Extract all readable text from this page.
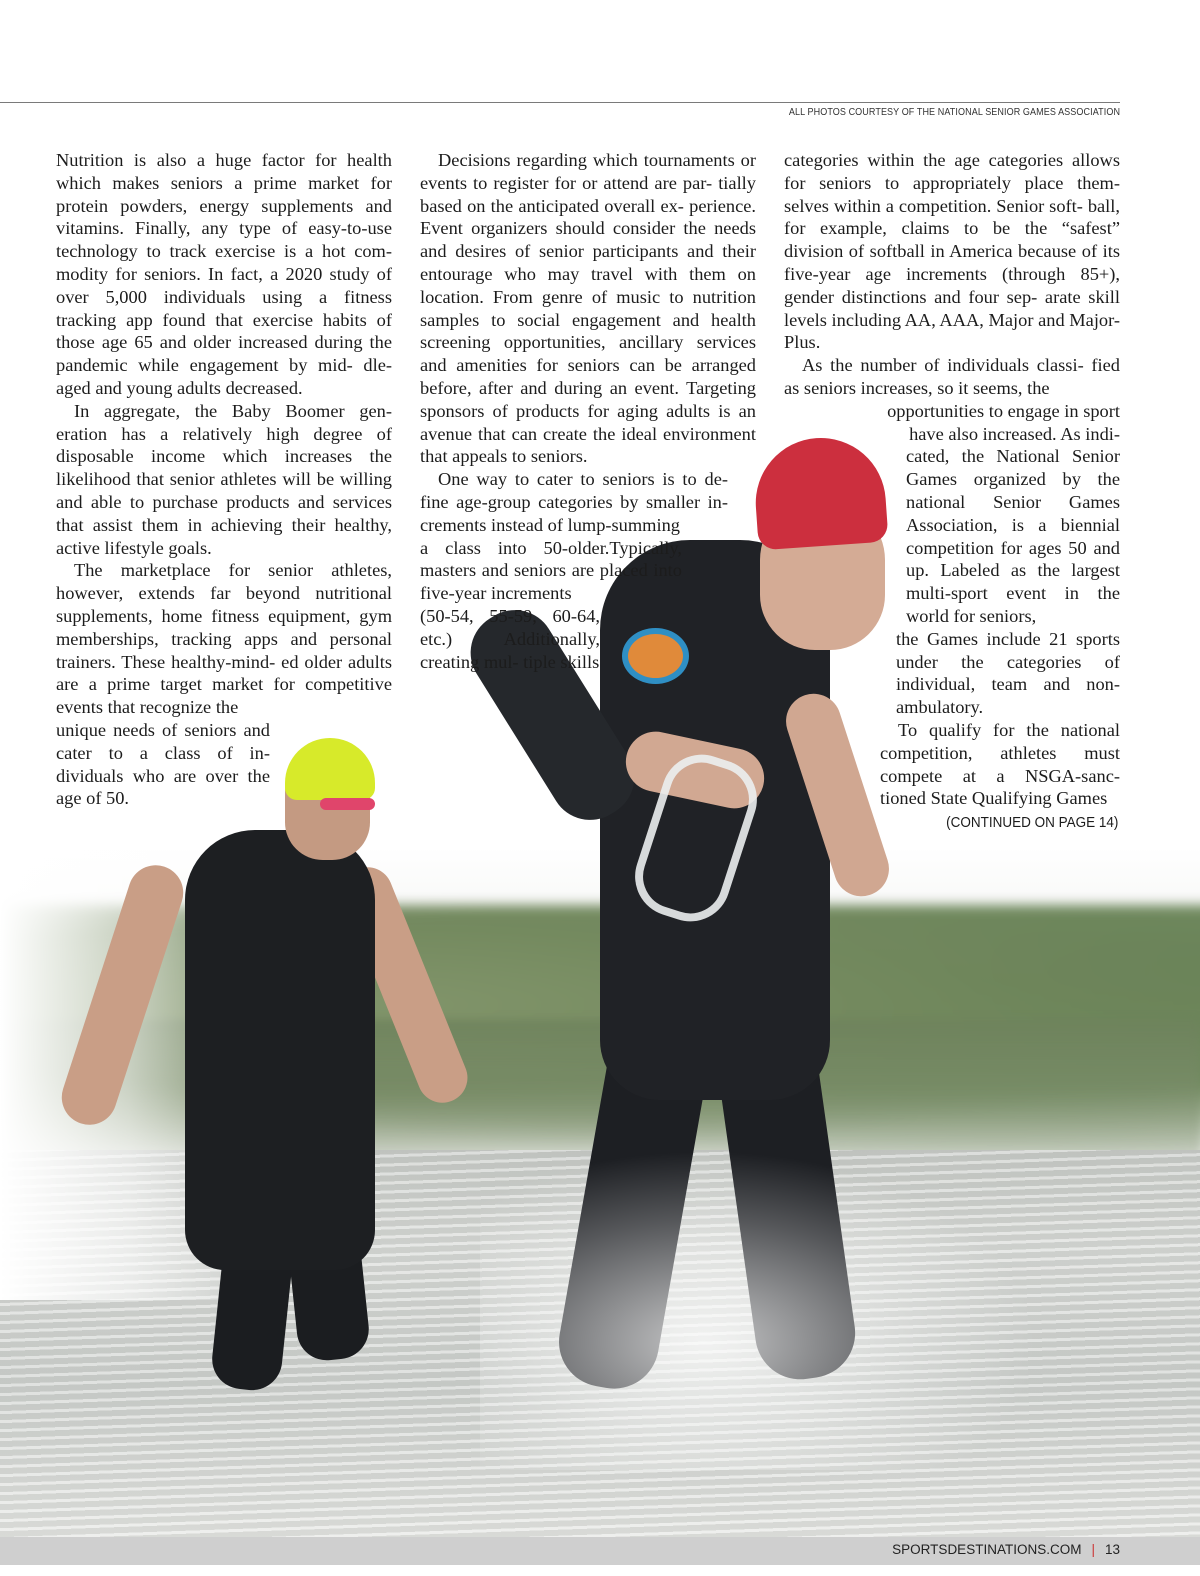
ALL PHOTOS COURTESY OF THE NATIONAL SENIOR GAMES ASSOCIATION

Nutrition is also a huge factor for health which makes seniors a prime market for protein powders, energy supplements and vitamins. Finally, any type of easy-to-use technology to track exercise is a hot com- modity for seniors. In fact, a 2020 study of over 5,000 individuals using a fitness tracking app found that exercise habits of those age 65 and older increased during the pandemic while engagement by mid- dle-aged and young adults decreased.

In aggregate, the Baby Boomer gen- eration has a relatively high degree of disposable income which increases the likelihood that senior athletes will be willing and able to purchase products and services that assist them in achieving their healthy, active lifestyle goals.

The marketplace for senior athletes, however, extends far beyond nutritional supplements, home fitness equipment, gym memberships, tracking apps and personal trainers. These healthy-mind- ed older adults are a prime target market for competitive events that recognize the

unique needs of seniors and cater to a class of in- dividuals who are over the age of 50.

Decisions regarding which tournaments or events to register for or attend are par- tially based on the anticipated overall ex- perience. Event organizers should consider the needs and desires of senior participants and their entourage who may travel with them on location. From genre of music to nutrition samples to social engagement and health screening opportunities, ancillary services and amenities for seniors can be arranged before, after and during an event. Targeting sponsors of products for aging adults is an avenue that can create the ideal environment that appeals to seniors.

One way to cater to seniors is to de- fine age-group categories by smaller in- crements instead of lump-summing

a class into 50-older.Typically, masters and seniors are placed into five-year increments

(50-54, 55-59, 60-64, etc.) Additionally, creating mul- tiple skills

categories within the age categories allows for seniors to appropriately place them- selves within a competition. Senior soft- ball, for example, claims to be the “safest” division of softball in America because of its five-year age increments (through 85+), gender distinctions and four sep- arate skill levels including AA, AAA, Major and Major-Plus.

As the number of individuals classi- fied as seniors increases, so it seems, the

opportunities to engage in sport

have also increased. As indi-

cated, the National Senior Games organized by the national Senior Games Association, is a biennial competition for ages 50 and up. Labeled as the largest multi-sport event in the world for seniors,

the Games include 21 sports under the categories of individual, team and non-ambulatory.

To qualify for the national competition, athletes must compete at a NSGA-sanc- tioned State Qualifying Games

(CONTINUED ON PAGE 14)
SPORTSDESTINATIONS.COM | 13
